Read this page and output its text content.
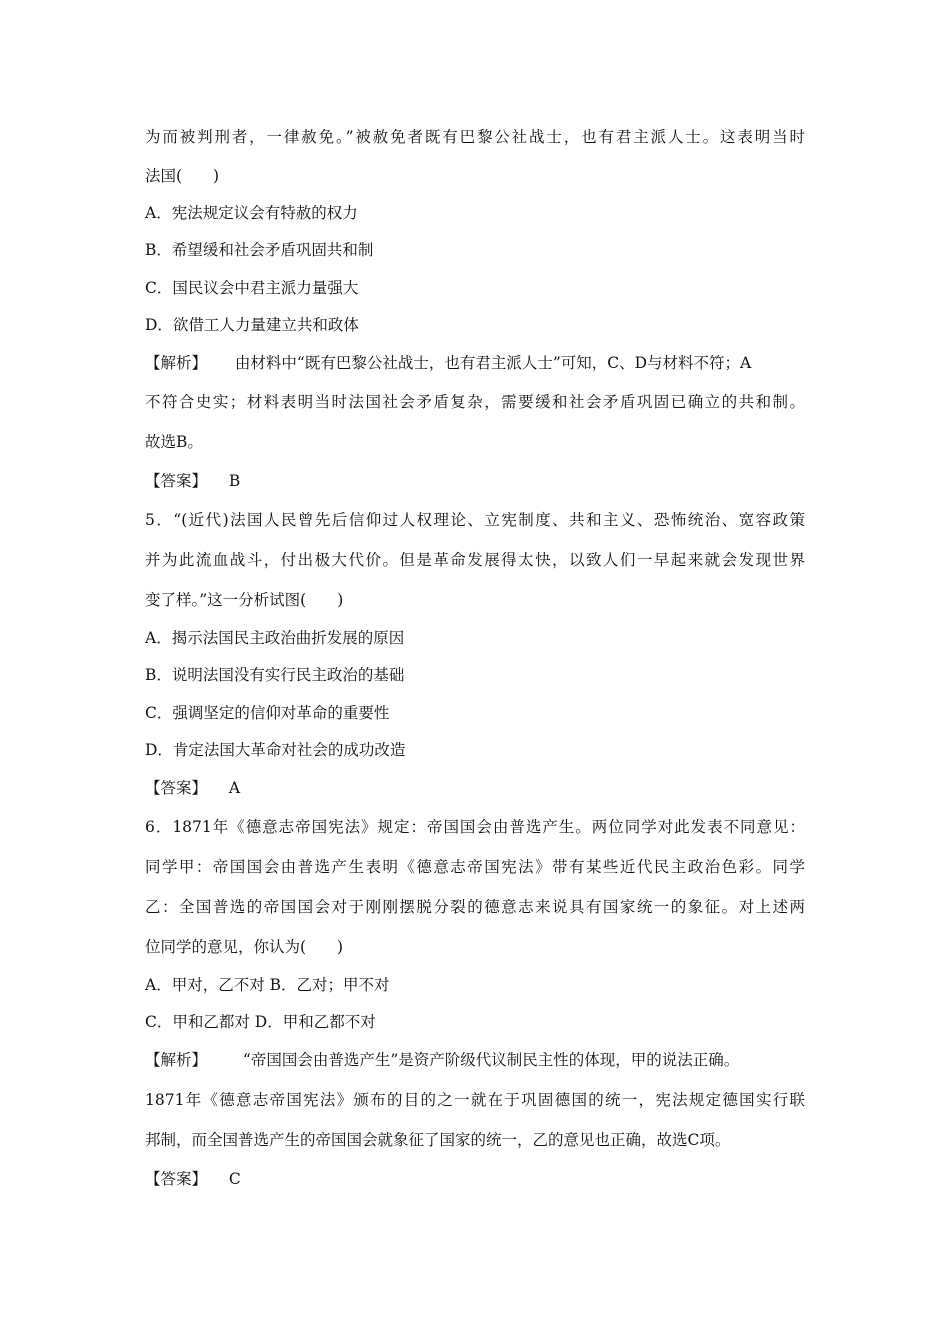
为而被判刑者，一律赦免。”被赦免者既有巴黎公社战士，也有君主派人士。这表明当时
法国(　　)
A．宪法规定议会有特赦的权力
B．希望缓和社会矛盾巩固共和制
C．国民议会中君主派力量强大
D．欲借工人力量建立共和政体
【解析】 由材料中“既有巴黎公社战士，也有君主派人士”可知，C、D与材料不符；A
不符合史实；材料表明当时法国社会矛盾复杂，需要缓和社会矛盾巩固已确立的共和制。
故选B。
【答案】 B
5．“(近代)法国人民曾先后信仰过人权理论、立宪制度、共和主义、恐怖统治、宽容政策
并为此流血战斗，付出极大代价。但是革命发展得太快，以致人们一早起来就会发现世界
变了样。”这一分析试图(　　)
A．揭示法国民主政治曲折发展的原因
B．说明法国没有实行民主政治的基础
C．强调坚定的信仰对革命的重要性
D．肯定法国大革命对社会的成功改造
【答案】 A
6．1871年《德意志帝国宪法》规定：帝国国会由普选产生。两位同学对此发表不同意见：
同学甲：帝国国会由普选产生表明《德意志帝国宪法》带有某些近代民主政治色彩。同学
乙：全国普选的帝国国会对于刚刚摆脱分裂的德意志来说具有国家统一的象征。对上述两
位同学的意见，你认为(　　)
A．甲对，乙不对 B．乙对；甲不对
C．甲和乙都对 D．甲和乙都不对
【解析】 “帝国国会由普选产生”是资产阶级代议制民主性的体现，甲的说法正确。
1871年《德意志帝国宪法》颁布的目的之一就在于巩固德国的统一，宪法规定德国实行联
邦制，而全国普选产生的帝国国会就象征了国家的统一，乙的意见也正确，故选C项。
【答案】 C
